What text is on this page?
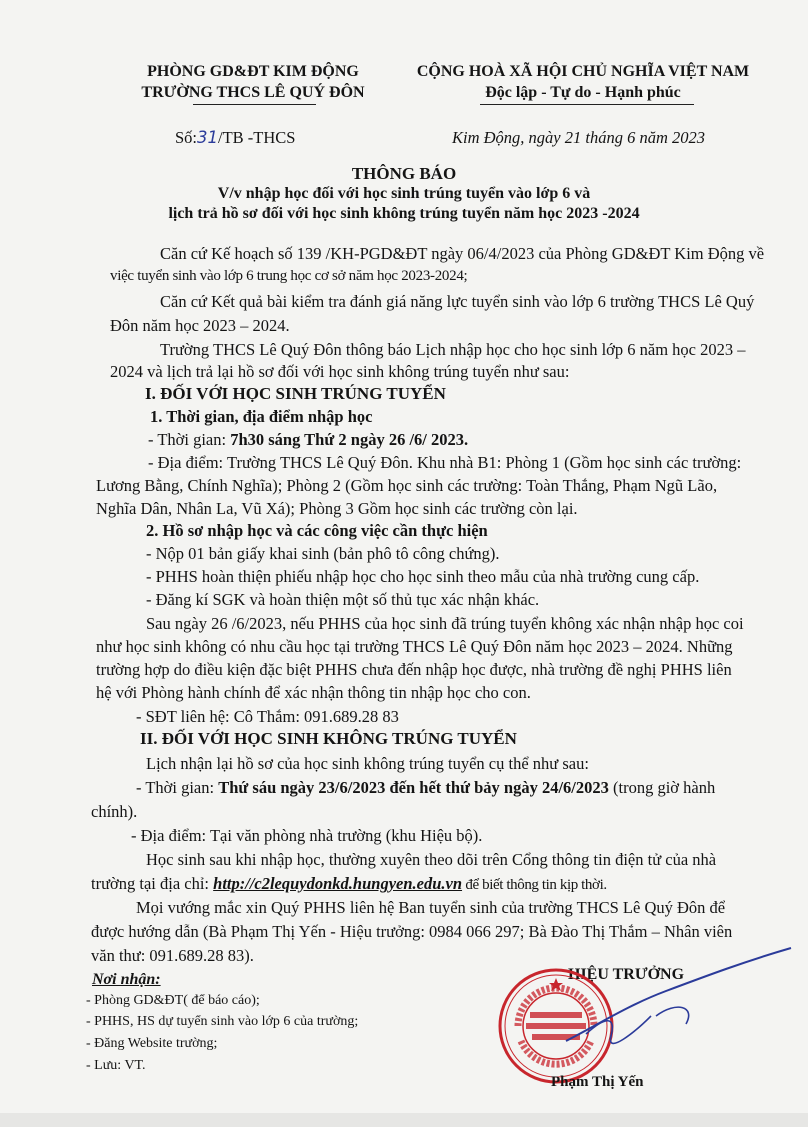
PHÒNG GD&ĐT KIM ĐỘNG
TRƯỜNG THCS LÊ QUÝ ĐÔN
CỘNG HOÀ XÃ HỘI CHỦ NGHĨA VIỆT NAM
Độc lập - Tự do - Hạnh phúc
Số:31/TB -THCS	Kim Động, ngày 21 tháng 6 năm 2023
THÔNG BÁO
V/v nhập học đối với học sinh trúng tuyển vào lớp 6 và
lịch trả hồ sơ đối với học sinh không trúng tuyển năm học 2023 -2024
Căn cứ Kế hoạch số 139 /KH-PGD&ĐT ngày 06/4/2023 của Phòng GD&ĐT Kim Động về
việc tuyển sinh vào lớp 6 trung học cơ sở năm học 2023-2024;
Căn cứ Kết quả bài kiểm tra đánh giá năng lực tuyển sinh vào lớp 6 trường THCS Lê Quý
Đôn năm học 2023 – 2024.
Trường THCS Lê Quý Đôn thông báo Lịch nhập học cho học sinh lớp 6 năm học 2023 –
2024 và lịch trả lại hồ sơ đối với học sinh không trúng tuyển như sau:
I. ĐỐI VỚI HỌC SINH TRÚNG TUYỂN
1. Thời gian, địa điểm nhập học
- Thời gian: 7h30 sáng Thứ 2 ngày 26 /6/ 2023.
- Địa điểm: Trường THCS Lê Quý Đôn. Khu nhà B1: Phòng 1 (Gồm học sinh các trường:
Lương Bằng, Chính Nghĩa); Phòng 2 (Gồm học sinh các trường: Toàn Thắng, Phạm Ngũ Lão,
Nghĩa Dân, Nhân La, Vũ Xá); Phòng 3 Gồm học sinh các trường còn lại.
2. Hồ sơ nhập học và các công việc cần thực hiện
- Nộp 01 bản giấy khai sinh (bản phô tô công chứng).
- PHHS hoàn thiện phiếu nhập học cho học sinh theo mẫu của nhà trường cung cấp.
- Đăng kí SGK và hoàn thiện một số thủ tục xác nhận khác.
Sau ngày 26 /6/2023, nếu PHHS của học sinh đã trúng tuyển không xác nhận nhập học coi
như học sinh không có nhu cầu học tại trường THCS Lê Quý Đôn năm học 2023 – 2024. Những
trường hợp do điều kiện đặc biệt PHHS chưa đến nhập học được, nhà trường đề nghị PHHS liên
hệ với Phòng hành chính để xác nhận thông tin nhập học cho con.
- SĐT liên hệ: Cô Thắm: 091.689.28 83
II. ĐỐI VỚI HỌC SINH KHÔNG TRÚNG TUYỂN
Lịch nhận lại hồ sơ của học sinh không trúng tuyển cụ thể như sau:
- Thời gian: Thứ sáu ngày 23/6/2023 đến hết thứ bảy ngày 24/6/2023 (trong giờ hành
chính).
- Địa điểm: Tại văn phòng nhà trường (khu Hiệu bộ).
Học sinh sau khi nhập học, thường xuyên theo dõi trên Cổng thông tin điện tử của nhà
trường tại địa chỉ: http://c2lequydonkd.hungyen.edu.vn để biết thông tin kịp thời.
Mọi vướng mắc xin Quý PHHS liên hệ Ban tuyển sinh của trường THCS Lê Quý Đôn để
được hướng dẫn (Bà Phạm Thị Yến - Hiệu trưởng: 0984 066 297; Bà Đào Thị Thắm – Nhân viên
văn thư: 091.689.28 83).
Nơi nhận:
- Phòng GD&ĐT( để báo cáo);
- PHHS, HS dự tuyển sinh vào lớp 6 của trường;
- Đăng Website trường;
- Lưu: VT.
HIỆU TRƯỞNG
Phạm Thị Yến
